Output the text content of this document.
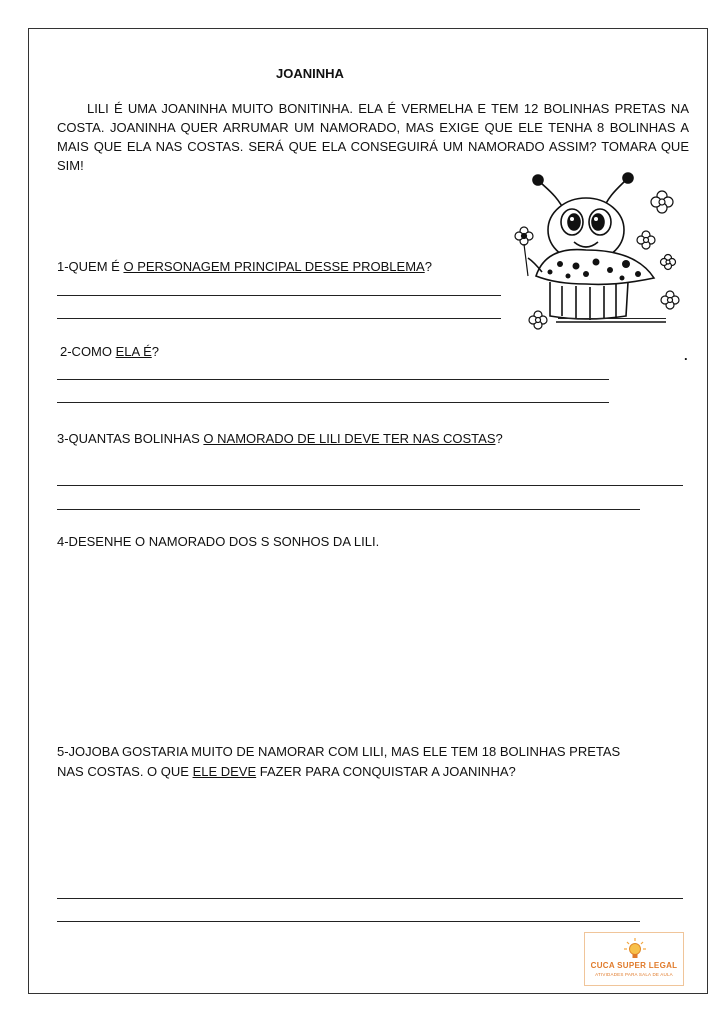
JOANINHA
LILI É UMA JOANINHA MUITO BONITINHA. ELA É VERMELHA E TEM 12 BOLINHAS PRETAS NA COSTA. JOANINHA QUER ARRUMAR UM NAMORADO, MAS EXIGE QUE ELE TENHA 8 BOLINHAS A MAIS QUE ELA NAS COSTAS. SERÁ QUE ELA CONSEGUIRÁ UM NAMORADO ASSIM? TOMARA QUE SIM!
1-QUEM É O PERSONAGEM PRINCIPAL DESSE PROBLEMA?
2-COMO ELA É?	.
3-QUANTAS BOLINHAS O NAMORADO DE LILI DEVE TER NAS COSTAS?
4-DESENHE O NAMORADO DOS S SONHOS DA LILI.
5-JOJOBA GOSTARIA MUITO DE NAMORAR COM LILI, MAS ELE TEM 18 BOLINHAS PRETAS
NAS COSTAS. O QUE ELE DEVE FAZER PARA CONQUISTAR A JOANINHA?
CUCA SUPER LEGAL
ATIVIDADES PARA SALA DE AULA
